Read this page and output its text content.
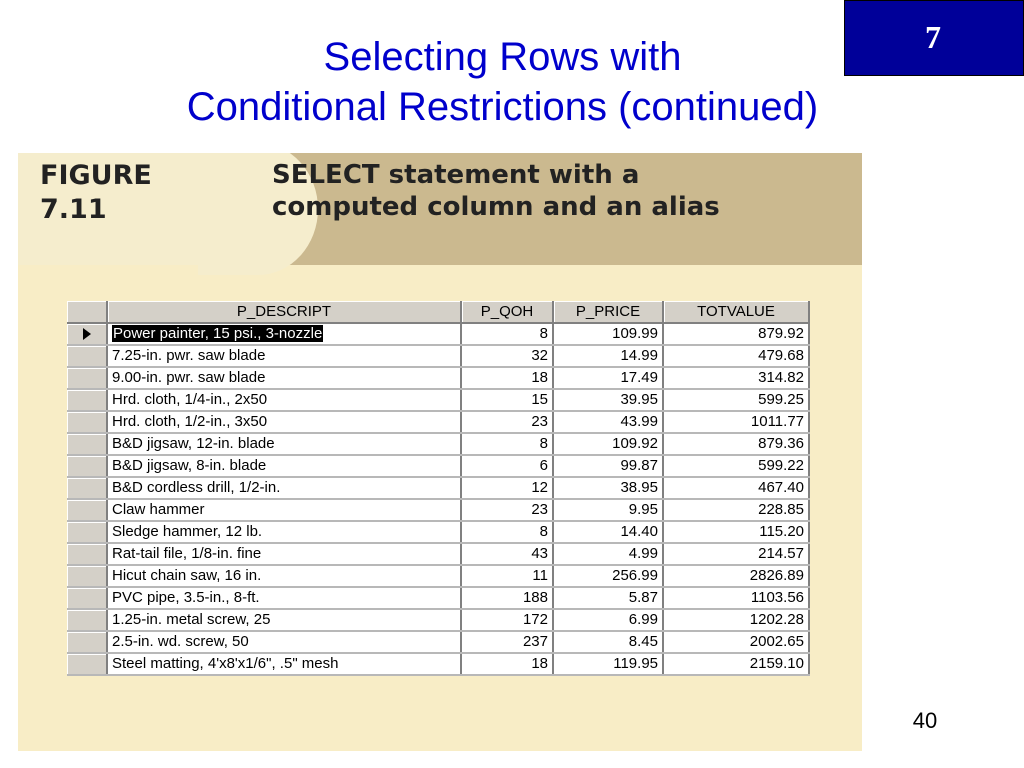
Selecting Rows with
Conditional Restrictions (continued)
7
FIGURE
7.11
SELECT statement with a
computed column and an alias
	P_DESCRIPT	P_QOH	P_PRICE	TOTVALUE
	Power painter, 15 psi., 3-nozzle	8	109.99	879.92
	7.25-in. pwr. saw blade	32	14.99	479.68
	9.00-in. pwr. saw blade	18	17.49	314.82
	Hrd. cloth, 1/4-in., 2x50	15	39.95	599.25
	Hrd. cloth, 1/2-in., 3x50	23	43.99	1011.77
	B&D jigsaw, 12-in. blade	8	109.92	879.36
	B&D jigsaw, 8-in. blade	6	99.87	599.22
	B&D cordless drill, 1/2-in.	12	38.95	467.40
	Claw hammer	23	9.95	228.85
	Sledge hammer, 12 lb.	8	14.40	115.20
	Rat-tail file, 1/8-in. fine	43	4.99	214.57
	Hicut chain saw, 16 in.	11	256.99	2826.89
	PVC pipe, 3.5-in., 8-ft.	188	5.87	1103.56
	1.25-in. metal screw, 25	172	6.99	1202.28
	2.5-in. wd. screw, 50	237	8.45	2002.65
	Steel matting, 4'x8'x1/6", .5" mesh	18	119.95	2159.10
40
